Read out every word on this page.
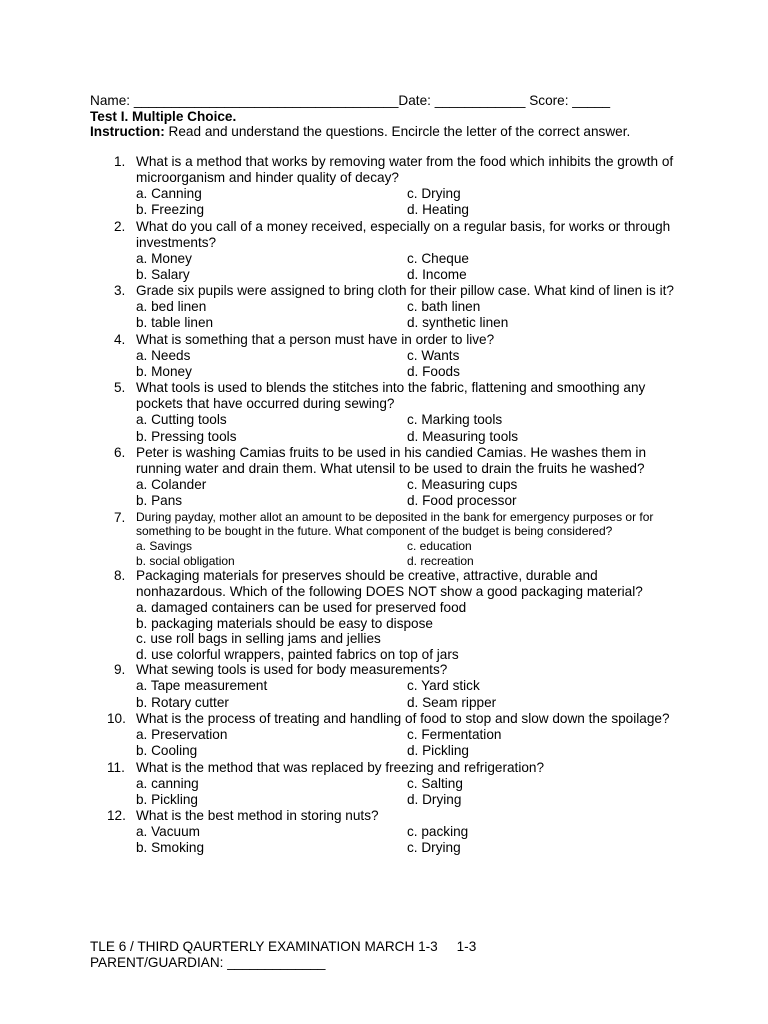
Name: ___________________________________Date: ____________ Score: _____
Test I. Multiple Choice.
Instruction: Read and understand the questions. Encircle the letter of the correct answer.
1. What is a method that works by removing water from the food which inhibits the growth of microorganism and hinder quality of decay?
a. Canning	c. Drying
b. Freezing	d. Heating
2. What do you call of a money received, especially on a regular basis, for works or through investments?
a. Money	c. Cheque
b. Salary	d. Income
3. Grade six pupils were assigned to bring cloth for their pillow case. What kind of linen is it?
a. bed linen	c. bath linen
b. table linen	d. synthetic linen
4. What is something that a person must have in order to live?
a. Needs	c. Wants
b. Money	d. Foods
5. What tools is used to blends the stitches into the fabric, flattening and smoothing any pockets that have occurred during sewing?
a. Cutting tools	c. Marking tools
b. Pressing tools	d. Measuring tools
6. Peter is washing Camias fruits to be used in his candied Camias. He washes them in running water and drain them. What utensil to be used to drain the fruits he washed?
a. Colander	c. Measuring cups
b. Pans	d. Food processor
7. During payday, mother allot an amount to be deposited in the bank for emergency purposes or for something to be bought in the future. What component of the budget is being considered?
a. Savings	c. education
b. social obligation	d. recreation
8. Packaging materials for preserves should be creative, attractive, durable and nonhazardous. Which of the following DOES NOT show a good packaging material?
a. damaged containers can be used for preserved food
b. packaging materials should be easy to dispose
c. use roll bags in selling jams and jellies
d. use colorful wrappers, painted fabrics on top of jars
9. What sewing tools is used for body measurements?
a. Tape measurement	c. Yard stick
b. Rotary cutter	d. Seam ripper
10. What is the process of treating and handling of food to stop and slow down the spoilage?
a. Preservation	c. Fermentation
b. Cooling	d. Pickling
11. What is the method that was replaced by freezing and refrigeration?
a. canning	c. Salting
b. Pickling	d. Drying
12. What is the best method in storing nuts?
a. Vacuum	c. packing
b. Smoking	c. Drying
TLE 6 / THIRD QAURTERLY EXAMINATION MARCH 1-3 1-3
PARENT/GUARDIAN: _____________
